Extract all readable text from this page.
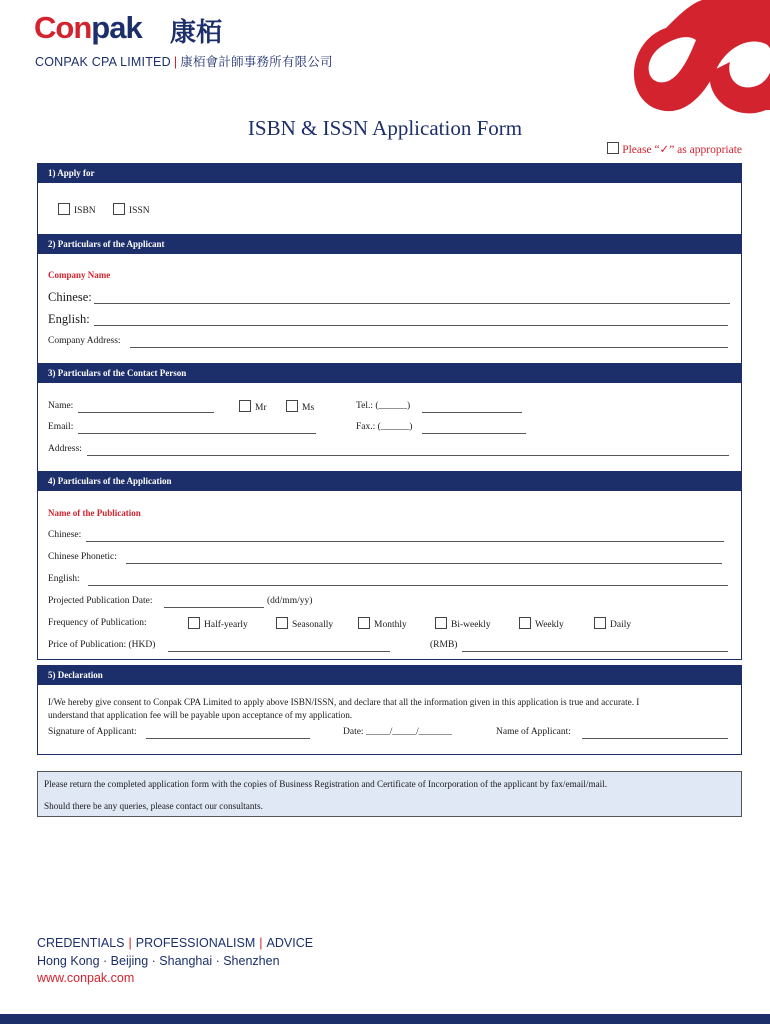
Conpak 康栢
CONPAK CPA LIMITED | 康栢會計師事務所有限公司
ISBN & ISSN Application Form
Please “✓” as appropriate
1) Apply for
ISBN	ISSN
2) Particulars of the Applicant
Company Name
Chinese:
English:
Company Address:
3) Particulars of the Contact Person
Name:	Mr	Ms	Tel.: (______)
Email:	Fax.: (______)
Address:
4) Particulars of the Application
Name of the Publication
Chinese:
Chinese Phonetic:
English:
Projected Publication Date:	(dd/mm/yy)
Frequency of Publication:	Half-yearly	Seasonally	Monthly	Bi-weekly	Weekly	Daily
Price of Publication: (HKD)	(RMB)
5) Declaration
I/We hereby give consent to Conpak CPA Limited to apply above ISBN/ISSN, and declare that all the information given in this application is true and accurate. I
understand that application fee will be payable upon acceptance of my application.
Signature of Applicant:	Date: _____/_____/_______	Name of Applicant:
Please return the completed application form with the copies of Business Registration and Certificate of Incorporation of the applicant by fax/email/mail.
Should there be any queries, please contact our consultants.
CREDENTIALS | PROFESSIONALISM | ADVICE
Hong Kong · Beijing · Shanghai · Shenzhen
www.conpak.com
